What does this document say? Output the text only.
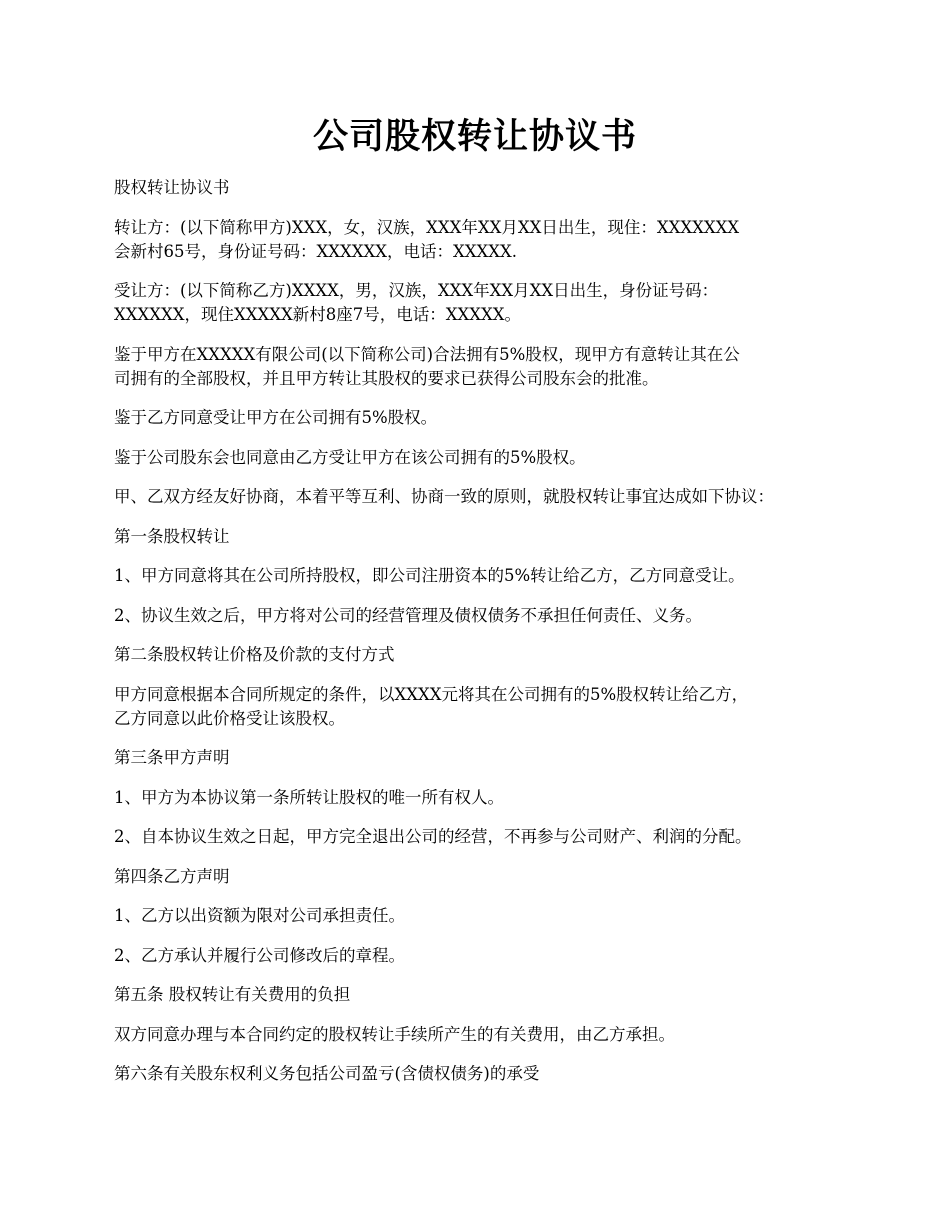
公司股权转让协议书

股权转让协议书

转让方：(以下简称甲方)XXX，女，汉族，XXX年XX月XX日出生，现住：XXXXXXX
会新村65号，身份证号码：XXXXXX，电话：XXXXX.

受让方：(以下简称乙方)XXXX，男，汉族，XXX年XX月XX日出生，身份证号码：
XXXXXX，现住XXXXX新村8座7号，电话：XXXXX。

鉴于甲方在XXXXX有限公司(以下简称公司)合法拥有5%股权，现甲方有意转让其在公
司拥有的全部股权，并且甲方转让其股权的要求已获得公司股东会的批准。

鉴于乙方同意受让甲方在公司拥有5%股权。

鉴于公司股东会也同意由乙方受让甲方在该公司拥有的5%股权。

甲、乙双方经友好协商，本着平等互利、协商一致的原则，就股权转让事宜达成如下协议：

第一条股权转让

1、甲方同意将其在公司所持股权，即公司注册资本的5%转让给乙方，乙方同意受让。

2、协议生效之后，甲方将对公司的经营管理及债权债务不承担任何责任、义务。

第二条股权转让价格及价款的支付方式

甲方同意根据本合同所规定的条件，以XXXX元将其在公司拥有的5%股权转让给乙方，
乙方同意以此价格受让该股权。

第三条甲方声明

1、甲方为本协议第一条所转让股权的唯一所有权人。

2、自本协议生效之日起，甲方完全退出公司的经营，不再参与公司财产、利润的分配。

第四条乙方声明

1、乙方以出资额为限对公司承担责任。

2、乙方承认并履行公司修改后的章程。

第五条 股权转让有关费用的负担

双方同意办理与本合同约定的股权转让手续所产生的有关费用，由乙方承担。

第六条有关股东权利义务包括公司盈亏(含债权债务)的承受
